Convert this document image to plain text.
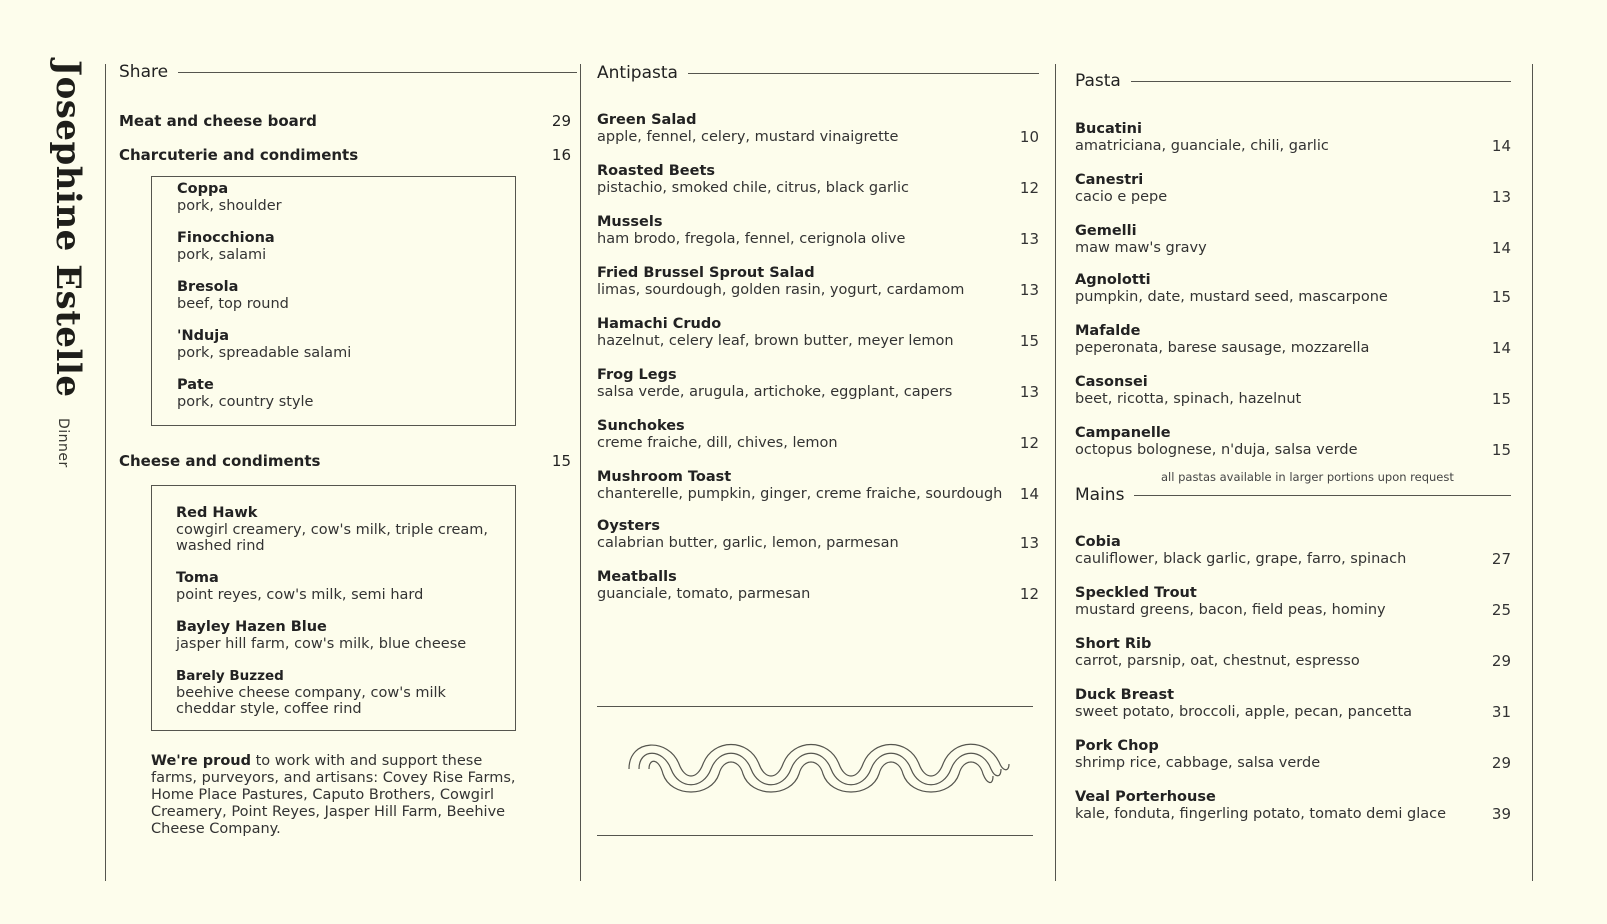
Josephine Estelle
Dinner
Share
Meat and cheese board	29
Charcuterie and condiments	16
Coppa
pork, shoulder
Finocchiona
pork, salami
Bresola
beef, top round
'Nduja
pork, spreadable salami
Pate
pork, country style
Cheese and condiments	15
Red Hawk
cowgirl creamery, cow's milk, triple cream, washed rind
Toma
point reyes, cow's milk, semi hard
Bayley Hazen Blue
jasper hill farm, cow's milk, blue cheese
Barely Buzzed
beehive cheese company, cow's milk cheddar style, coffee rind
We're proud to work with and support these farms, purveyors, and artisans: Covey Rise Farms, Home Place Pastures, Caputo Brothers, Cowgirl Creamery, Point Reyes, Jasper Hill Farm, Beehive Cheese Company.
Antipasta
Green Salad
apple, fennel, celery, mustard vinaigrette	10
Roasted Beets
pistachio, smoked chile, citrus, black garlic	12
Mussels
ham brodo, fregola, fennel, cerignola olive	13
Fried Brussel Sprout Salad
limas, sourdough, golden rasin, yogurt, cardamom	13
Hamachi Crudo
hazelnut, celery leaf, brown butter, meyer lemon	15
Frog Legs
salsa verde, arugula, artichoke, eggplant, capers	13
Sunchokes
creme fraiche, dill, chives, lemon	12
Mushroom Toast
chanterelle, pumpkin, ginger, creme fraiche, sourdough	14
Oysters
calabrian butter, garlic, lemon, parmesan	13
Meatballs
guanciale, tomato, parmesan	12
Pasta
Bucatini
amatriciana, guanciale, chili, garlic	14
Canestri
cacio e pepe	13
Gemelli
maw maw's gravy	14
Agnolotti
pumpkin, date, mustard seed, mascarpone	15
Mafalde
peperonata, barese sausage, mozzarella	14
Casonsei
beet, ricotta, spinach, hazelnut	15
Campanelle
octopus bolognese, n'duja, salsa verde	15
all pastas available in larger portions upon request
Mains
Cobia
cauliflower, black garlic, grape, farro, spinach	27
Speckled Trout
mustard greens, bacon, field peas, hominy	25
Short Rib
carrot, parsnip, oat, chestnut, espresso	29
Duck Breast
sweet potato, broccoli, apple, pecan, pancetta	31
Pork Chop
shrimp rice, cabbage, salsa verde	29
Veal Porterhouse
kale, fonduta, fingerling potato, tomato demi glace	39
